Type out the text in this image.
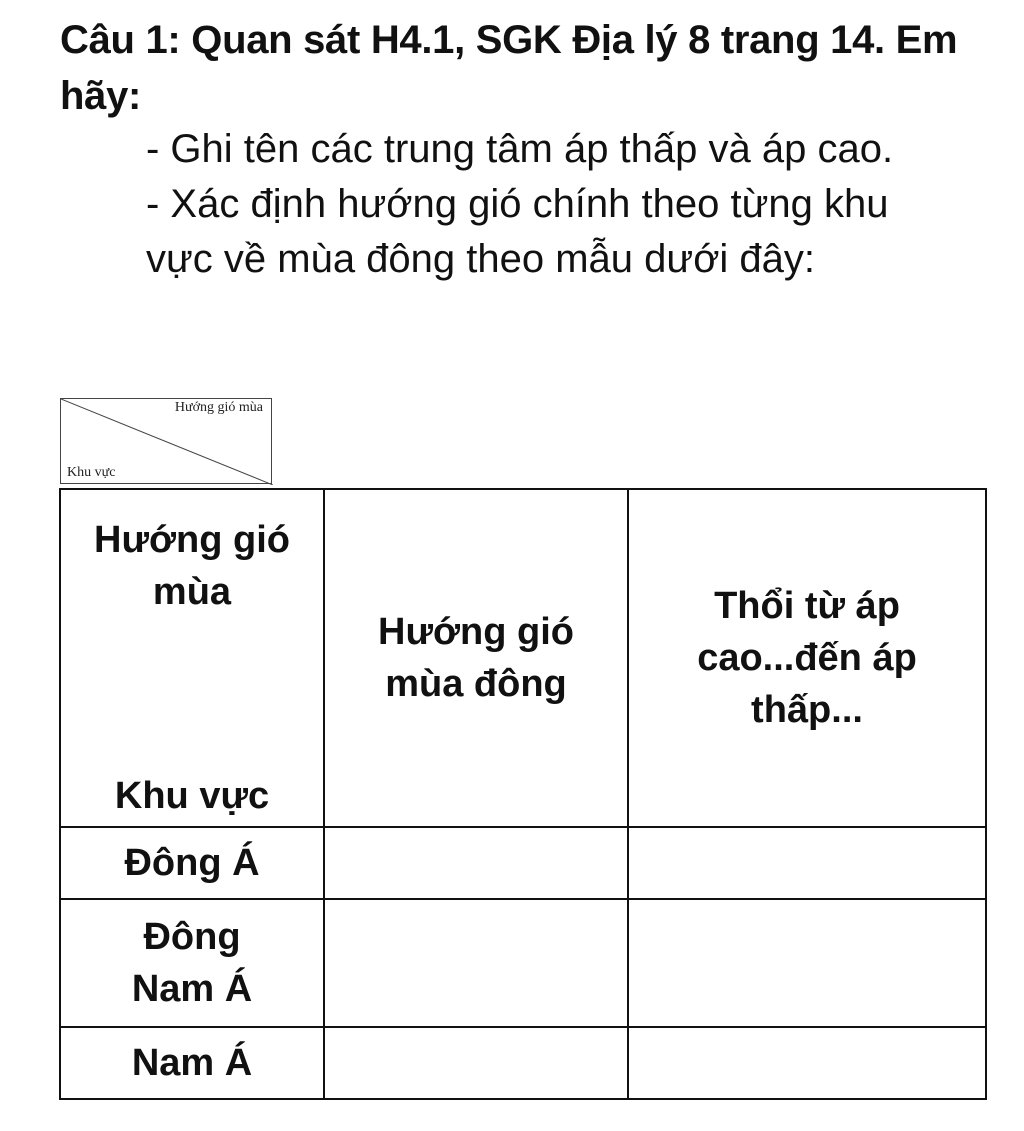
Câu 1: Quan sát H4.1, SGK Địa lý 8 trang 14. Em hãy:

- Ghi tên các trung tâm áp thấp và áp cao.

- Xác định hướng gió chính theo từng khu vực về mùa đông theo mẫu dưới đây:

Hướng gió mùa
Khu vực
Hướng gió mùa
Khu vực	Hướng gió mùa đông	Thổi từ áp cao...đến áp thấp...
Đông Á		
Đông Nam Á		
Nam Á		
